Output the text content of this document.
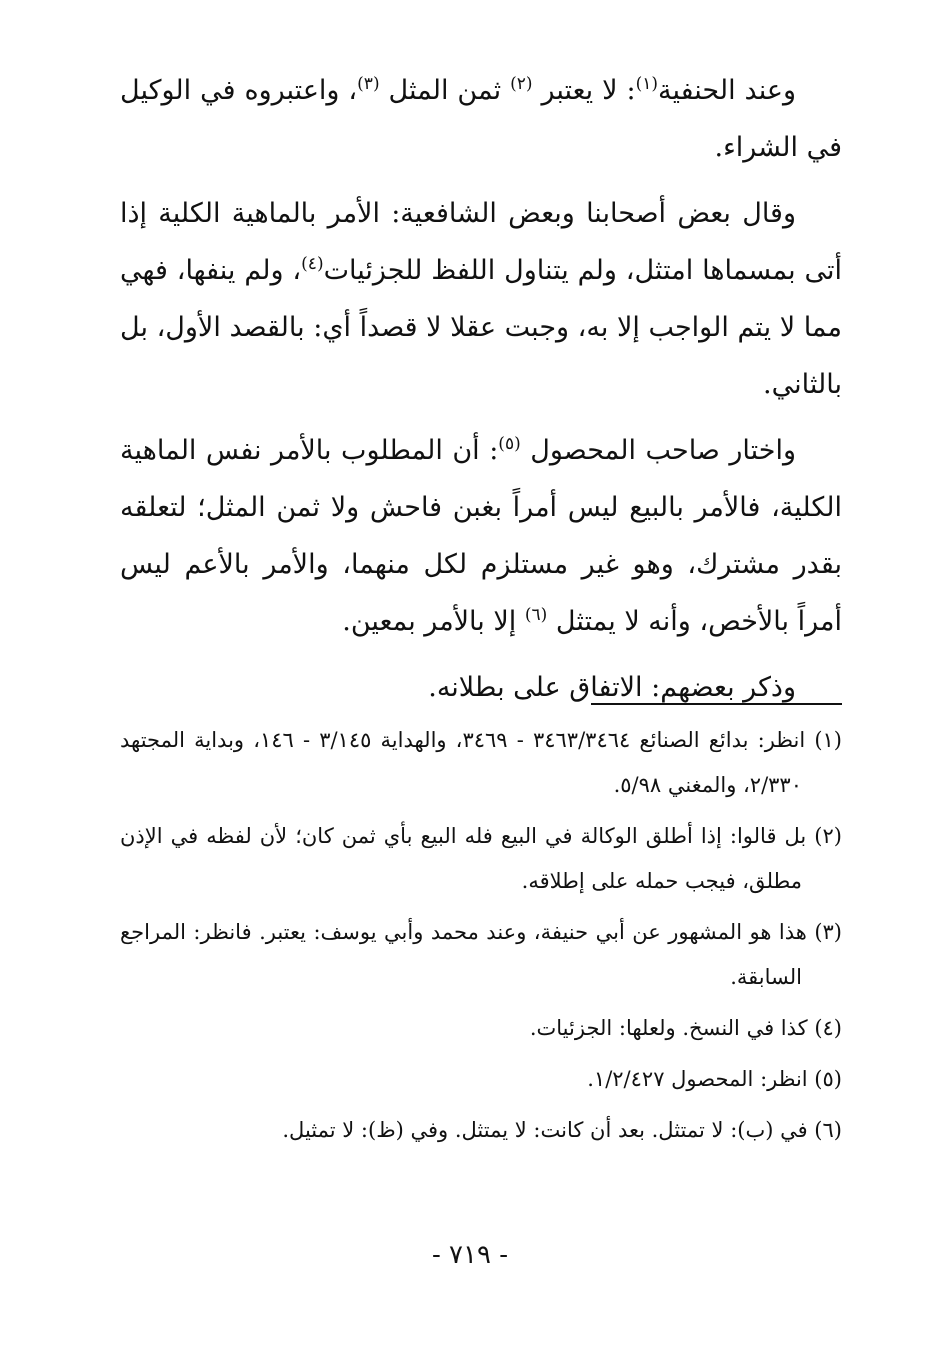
وعند الحنفية$^{(١)}$: لا يعتبر $^{(٢)}$ ثمن المثل $^{(٣)}$، واعتبروه في الوكيل في الشراء.

وقال بعض أصحابنا وبعض الشافعية: الأمر بالماهية الكلية إذا أتى بمسماها امتثل، ولم يتناول اللفظ للجزئيات$^{(٤)}$، ولم ينفها، فهي مما لا يتم الواجب إلا به، وجبت عقلا لا قصداً أي: بالقصد الأول، بل بالثاني.

واختار صاحب المحصول $^{(٥)}$: أن المطلوب بالأمر نفس الماهية الكلية، فالأمر بالبيع ليس أمراً بغبن فاحش ولا ثمن المثل؛ لتعلقه بقدر مشترك، وهو غير مستلزم لكل منهما، والأمر بالأعم ليس أمراً بالأخص، وأنه لا يمتثل $^{(٦)}$ إلا بالأمر بمعين.

وذكر بعضهم: الاتفاق على بطلانه.

(١) انظر: بدائع الصنائع ٣٤٦٣/٣٤٦٤ - ٣٤٦٩، والهداية ٣/١٤٥ - ١٤٦، وبداية المجتهد ٢/٣٣٠، والمغني ٥/٩٨.

(٢) بل قالوا: إذا أطلق الوكالة في البيع فله البيع بأي ثمن كان؛ لأن لفظه في الإذن مطلق، فيجب حمله على إطلاقه.

(٣) هذا هو المشهور عن أبي حنيفة، وعند محمد وأبي يوسف: يعتبر. فانظر: المراجع السابقة.

(٤) كذا في النسخ. ولعلها: الجزئيات.

(٥) انظر: المحصول ١/٢/٤٢٧.

(٦) في (ب): لا تمتثل. بعد أن كانت: لا يمتثل. وفي (ظ): لا تمثيل.

- ٧١٩ -
